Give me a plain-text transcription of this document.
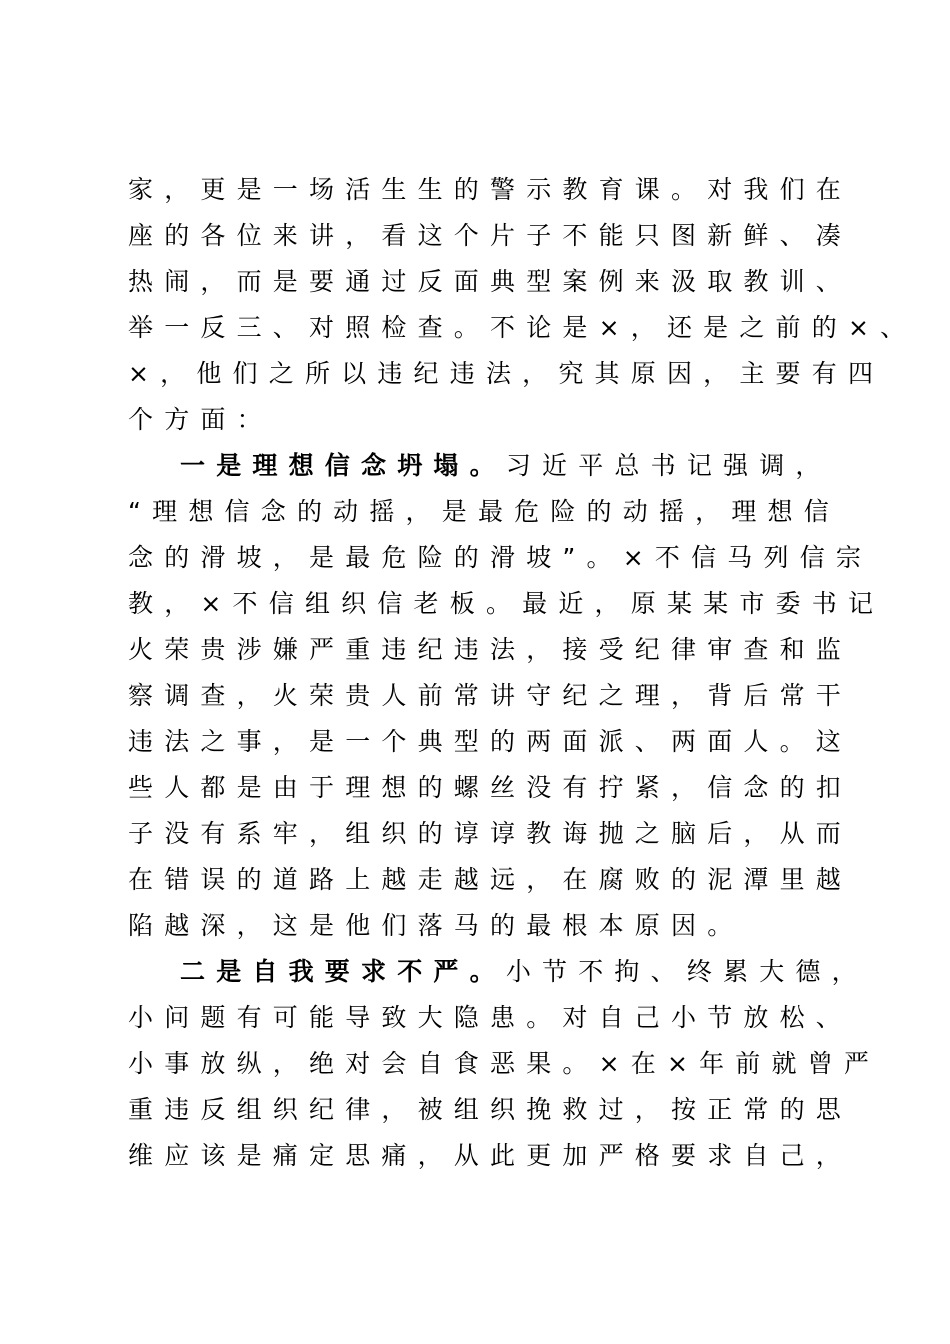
家，更是一场活生生的警示教育课。对我们在
座的各位来讲，看这个片子不能只图新鲜、凑
热闹，而是要通过反面典型案例来汲取教训、
举一反三、对照检查。不论是×，还是之前的×、
×，他们之所以违纪违法，究其原因，主要有四
个方面：
一是理想信念坍塌。习近平总书记强调，
“理想信念的动摇，是最危险的动摇，理想信
念的滑坡，是最危险的滑坡”。×不信马列信宗
教，×不信组织信老板。最近，原某某市委书记
火荣贵涉嫌严重违纪违法，接受纪律审查和监
察调查，火荣贵人前常讲守纪之理，背后常干
违法之事，是一个典型的两面派、两面人。这
些人都是由于理想的螺丝没有拧紧，信念的扣
子没有系牢，组织的谆谆教诲抛之脑后，从而
在错误的道路上越走越远，在腐败的泥潭里越
陷越深，这是他们落马的最根本原因。
二是自我要求不严。小节不拘、终累大德，
小问题有可能导致大隐患。对自己小节放松、
小事放纵，绝对会自食恶果。×在×年前就曾严
重违反组织纪律，被组织挽救过，按正常的思
维应该是痛定思痛，从此更加严格要求自己，
